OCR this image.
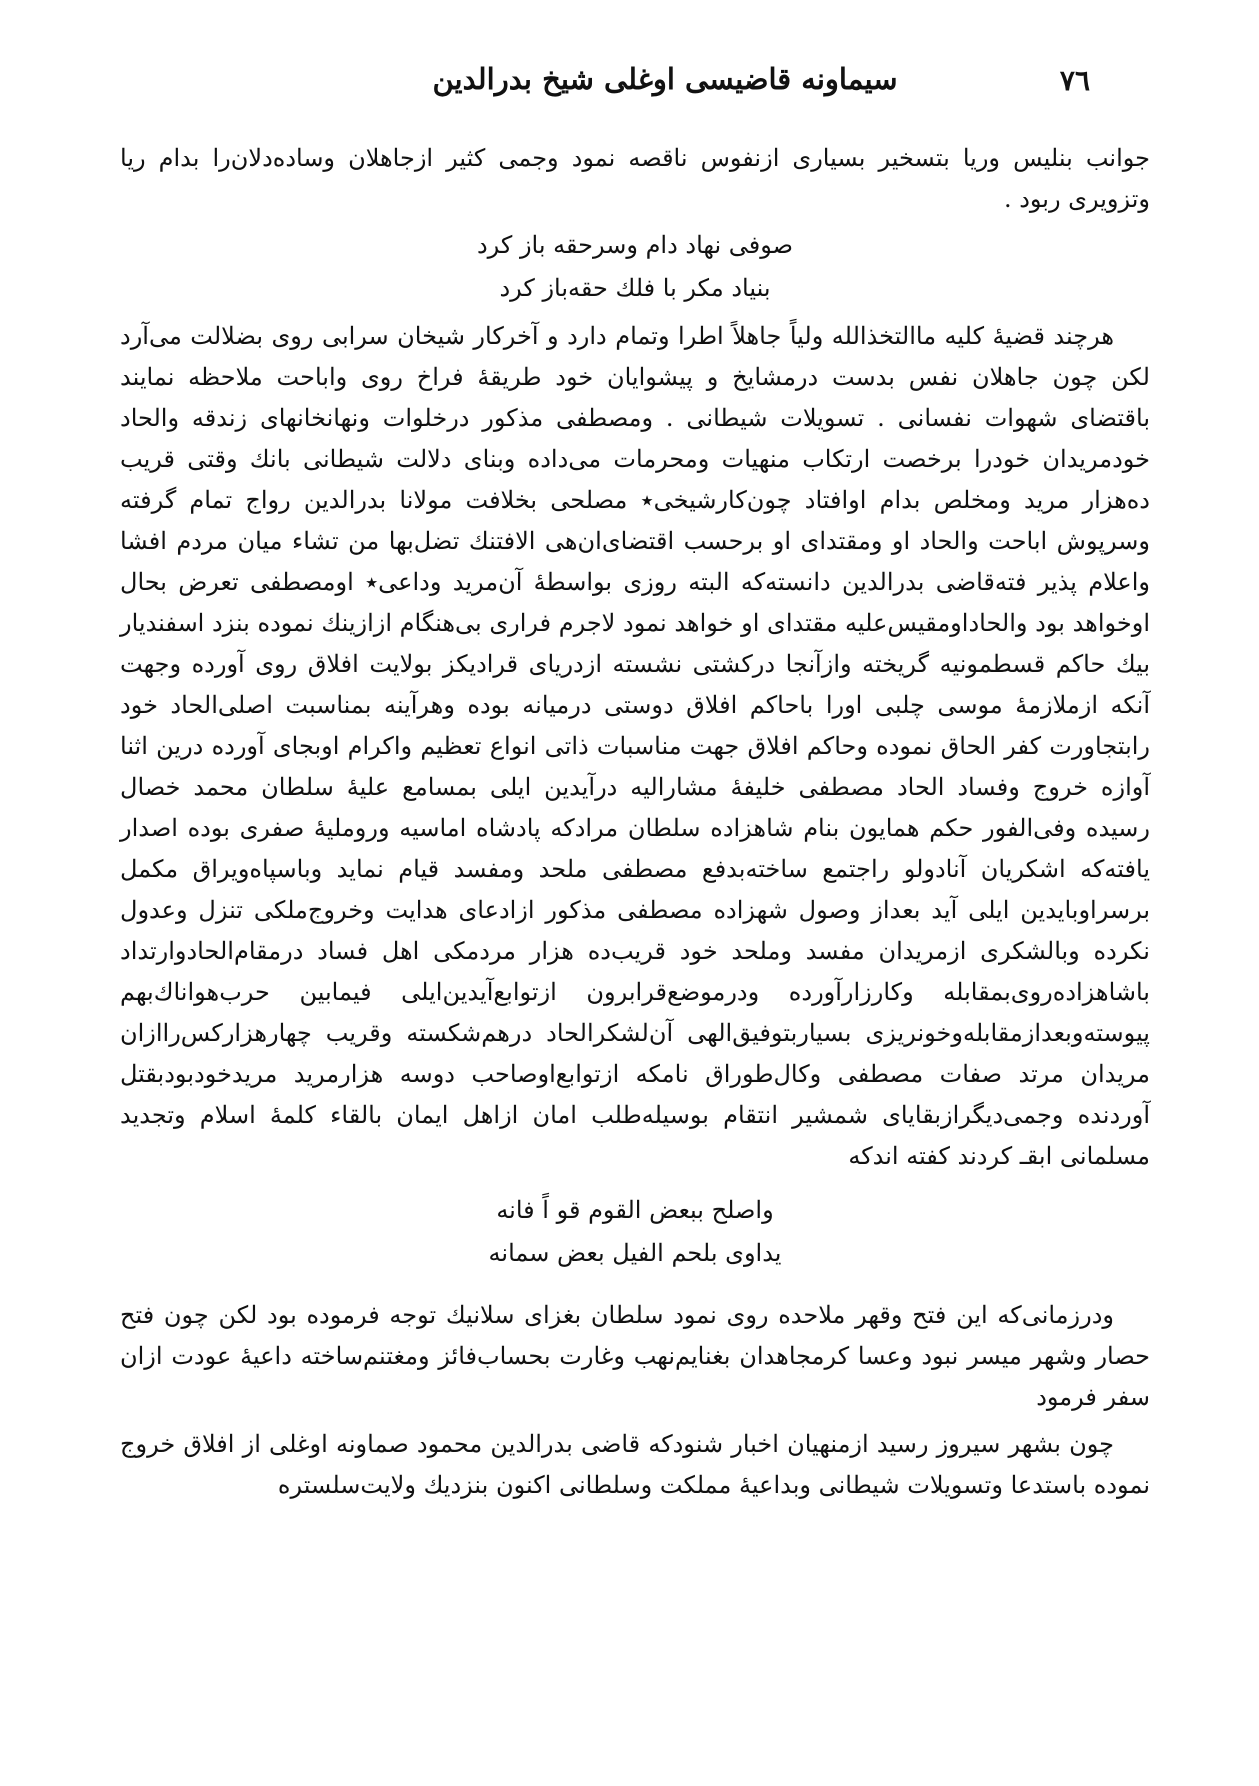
٧٦
سیماونه قاضیسی اوغلی شیخ بدرالدین

جوانب بنلیس وریا بتسخیر بسیاری ازنفوس ناقصه نمود وجمی کثیر ازجاهلان وساده‌دلان‌را بدام ریا وتزویری ربود .

صوفی نهاد دام وسرحقه باز کرد
بنیاد مکر با فلك حقه‌باز کرد

هرچند قضیۀ کلیه ماالتخذالله ولیاً جاهلاً اطرا وتمام دارد و آخرکار شیخان سرابی روی بضلالت می‌آرد لکن چون جاهلان نفس بدست درمشایخ و پیشوایان خود طریقۀ فراخ روی واباحت ملاحظه نمایند باقتضای شهوات نفسانی . تسویلات شیطانی . ومصطفی مذکور درخلوات ونهانخانهای زندقه والحاد خودمریدان خودرا برخصت ارتکاب منهیات ومحرمات می‌داده وبنای دلالت شیطانی بانك وقتی قریب ده‌هزار مرید ومخلص بدام اوافتاد چون‌کارشیخی٭ مصلحی بخلافت مولانا بدرالدین رواج تمام گرفته وسرپوش اباحت والحاد او ومقتدای او برحسب اقتضای‌ان‌هی الافتنك تضل‌بها من تشاء میان مردم افشا واعلام پذیر فته‌قاضی بدرالدین دانسته‌که البته روزی بواسطۀ آن‌مرید وداعی٭ اومصطفی تعرض بحال اوخواهد بود والحاداومقیس‌علیه مقتدای او خواهد نمود لاجرم فراری بی‌هنگام ازازینك نموده بنزد اسفندیار بیك حاکم قسطمونیه گریخته وازآنجا درکشتی نشسته ازدریای قرادیکز بولایت افلاق روی آورده وجهت آنکه ازملازمۀ موسی چلبی اورا باحاکم افلاق دوستی درمیانه بوده وهرآینه بمناسبت اصلی‌الحاد خود رابتجاورت کفر الحاق نموده وحاکم افلاق جهت مناسبات ذاتی انواع تعظیم واکرام اوبجای آورده درین اثنا آوازه خروج وفساد الحاد مصطفی خلیفۀ مشارالیه درآیدین ایلی بمسامع علیۀ سلطان محمد خصال رسیده وفی‌الفور حکم همایون بنام شاهزاده سلطان مرادکه پادشاه اماسیه وروملیۀ صفری بوده اصدار یافته‌که اشکریان آنادولو راجتمع ساخته‌بدفع مصطفی ملحد ومفسد قیام نماید وباسپاه‌ویراق مکمل برسراوبایدین ایلی آید بعداز وصول شهزاده مصطفی مذکور ازادعای هدایت وخروج‌ملکی تنزل وعدول نکرده وبالشکری ازمریدان مفسد وملحد خود قریب‌ده هزار مردمکی اهل فساد درمقام‌الحادوارتداد باشاهزاده‌روی‌بمقابله وکارزارآورده ودرموضع‌قرابرون ازتوابع‌آیدین‌ایلی فیمابین حرب‌هواناك‌بهم پیوسته‌وبعدازمقابله‌وخونریزی بسیاربتوفیق‌الهی آن‌لشکرالحاد درهم‌شکسته وقریب چهارهزارکس‌راازان مریدان مرتد صفات مصطفی وکال‌طوراق نامکه ازتوابع‌اوصاحب دوسه هزارمرید مریدخودبودبقتل آوردنده وجمی‌دیگرازبقایای شمشیر انتقام بوسیله‌طلب امان ازاهل ایمان بالقاء کلمۀ اسلام وتجدید مسلمانی ابقـ کردند کفته اندکه

واصلح ببعض القوم قو اً فانه
یداوی بلحم الفیل بعض سمانه

ودرزمانی‌که این فتح وقهر ملاحده روی نمود سلطان بغزای سلانیك توجه فرموده بود لکن چون فتح حصار وشهر میسر نبود وعسا کرمجاهدان بغنایم‌نهب وغارت بحساب‌فائز ومغتنم‌ساخته داعیۀ عودت ازان سفر فرمود

چون بشهر سیروز رسید ازمنهیان اخبار شنودکه قاضی بدرالدین محمود صماونه اوغلی از افلاق خروج نموده باستدعا وتسویلات شیطانی وبداعیۀ مملکت وسلطانی اکنون بنزدیك ولایت‌سلستره
